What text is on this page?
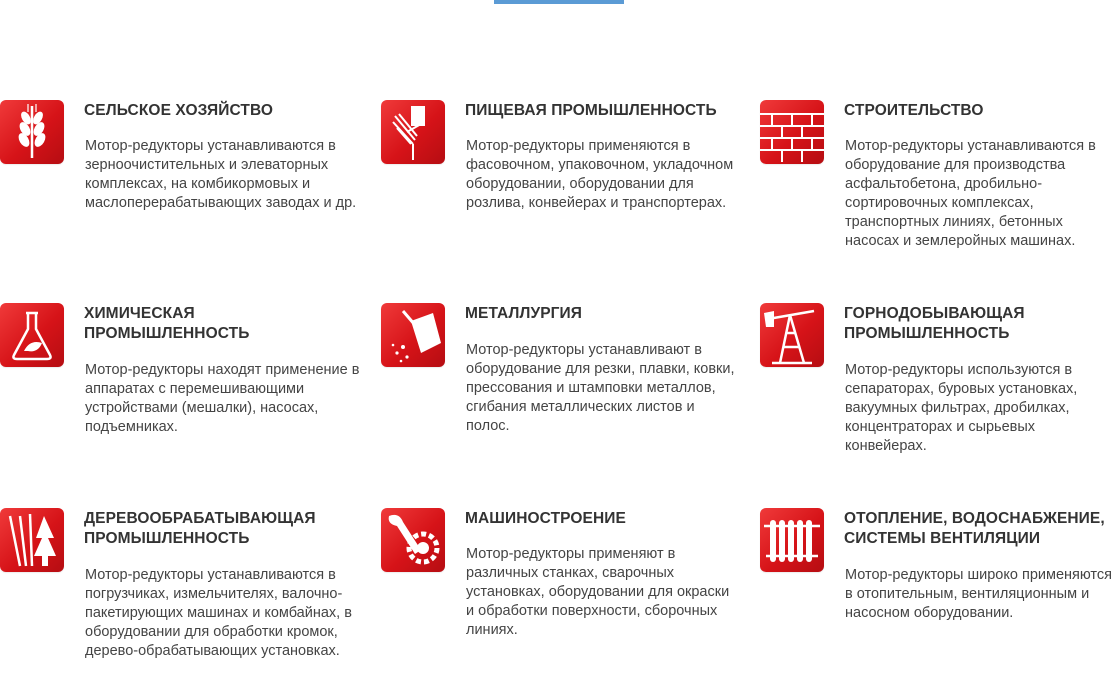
СЕЛЬСКОЕ ХОЗЯЙСТВО
Мотор-редукторы устанавливаются в зерноочистительных и элеваторных комплексах, на комбикормовых и маслоперерабатывающих заводах и др.
ПИЩЕВАЯ ПРОМЫШЛЕННОСТЬ
Мотор-редукторы применяются в фасовочном, упаковочном, укладочном оборудовании, оборудовании для розлива, конвейерах и транспортерах.
СТРОИТЕЛЬСТВО
Мотор-редукторы устанавливаются в оборудование для производства асфальтобетона, дробильно-сортировочных комплексах, транспортных линиях, бетонных насосах и землеройных машинах.
ХИМИЧЕСКАЯ ПРОМЫШЛЕННОСТЬ
Мотор-редукторы находят применение в аппаратах с перемешивающими устройствами (мешалки), насосах, подъемниках.
МЕТАЛЛУРГИЯ
Мотор-редукторы устанавливают в оборудование для резки, плавки, ковки, прессования и штамповки металлов, сгибания металлических листов и полос.
ГОРНОДОБЫВАЮЩАЯ ПРОМЫШЛЕННОСТЬ
Мотор-редукторы используются в сепараторах, буровых установках, вакуумных фильтрах, дробилках, концентраторах и сырьевых конвейерах.
ДЕРЕВООБРАБАТЫВАЮЩАЯ ПРОМЫШЛЕННОСТЬ
Мотор-редукторы устанавливаются в погрузчиках, измельчителях, валочно-пакетирующих машинах и комбайнах, в оборудовании для обработки кромок, дерево-обрабатывающих установках.
МАШИНОСТРОЕНИЕ
Мотор-редукторы применяют в различных станках, сварочных установках, оборудовании для окраски и обработки поверхности, сборочных линиях.
ОТОПЛЕНИЕ, ВОДОСНАБЖЕНИЕ, СИСТЕМЫ ВЕНТИЛЯЦИИ
Мотор-редукторы широко применяются в отопительным, вентиляционным и насосном оборудовании.
